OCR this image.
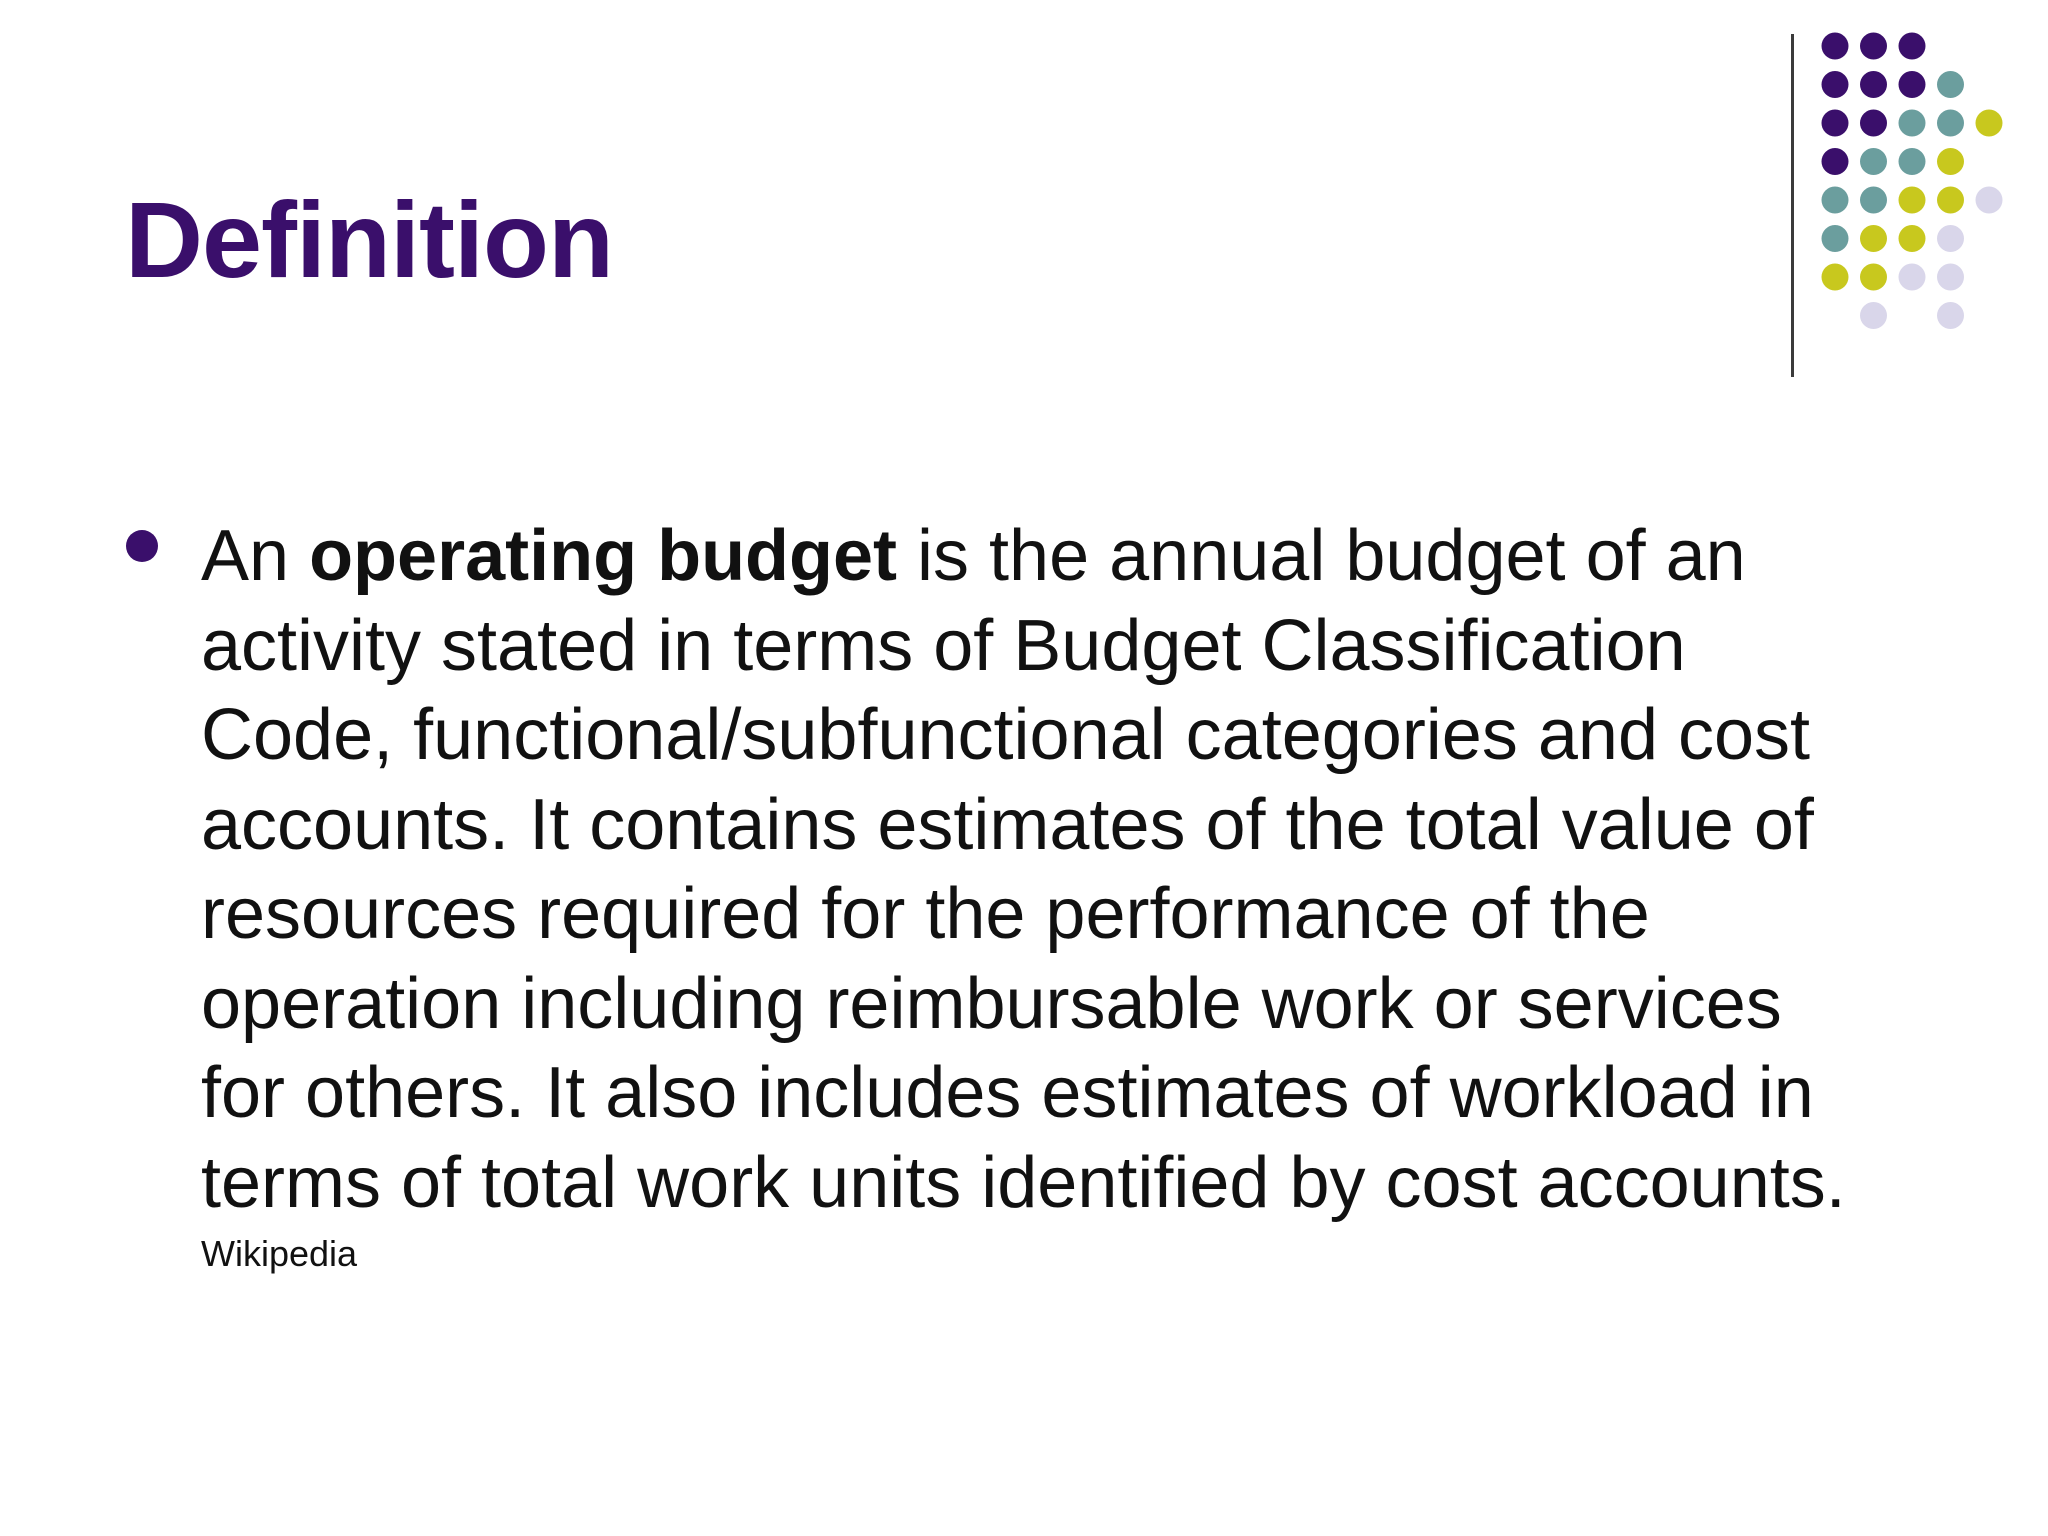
Definition
An operating budget is the annual budget of an
activity stated in terms of Budget Classification
Code, functional/subfunctional categories and cost
accounts. It contains estimates of the total value of
resources required for the performance of the
operation including reimbursable work or services
for others. It also includes estimates of workload in
terms of total work units identified by cost accounts.
Wikipedia
